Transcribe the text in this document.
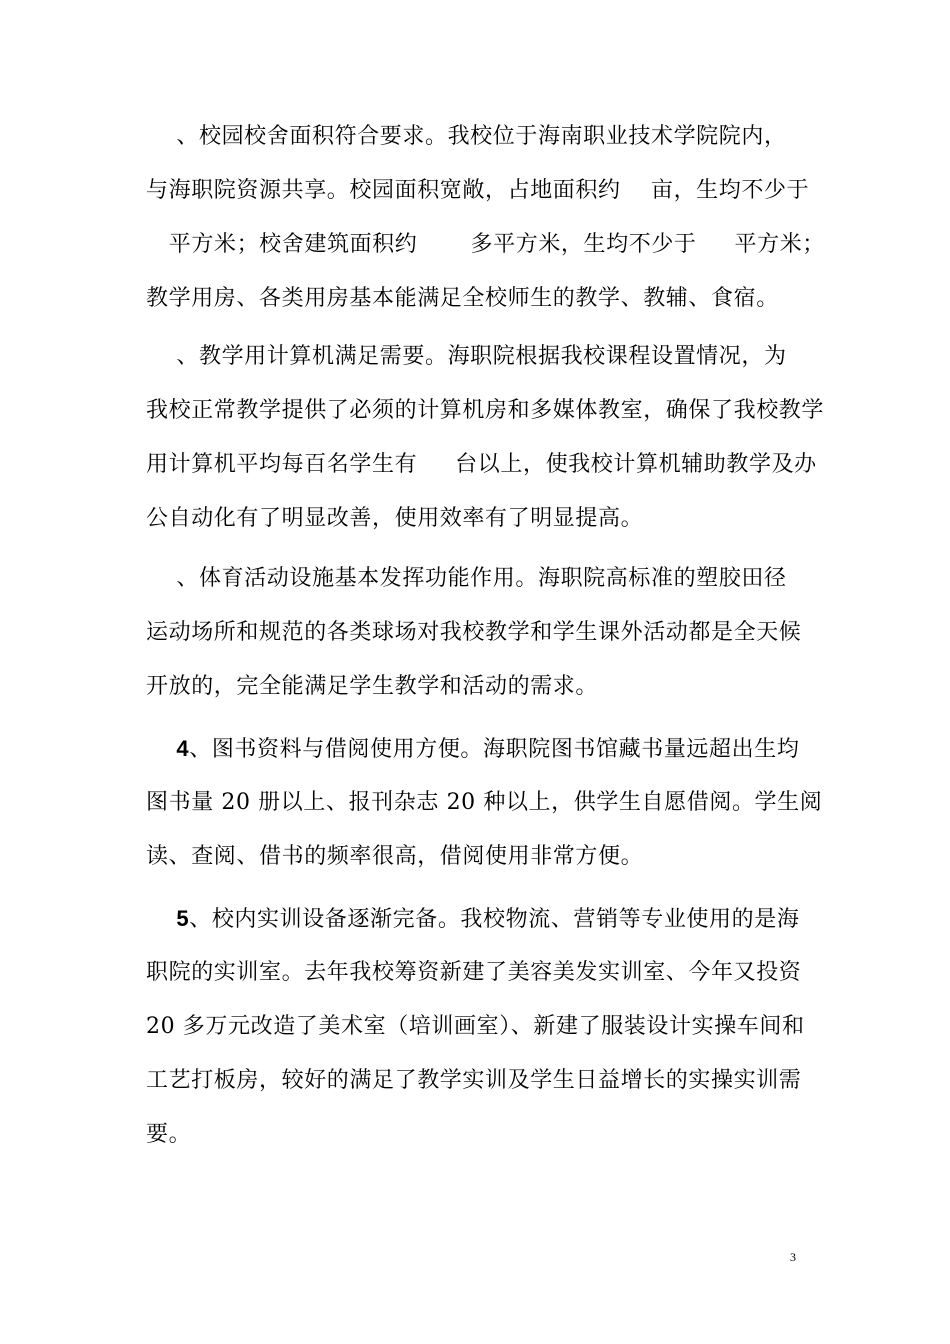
、校园校舍面积符合要求。我校位于海南职业技术学院院内，
与海职院资源共享。校园面积宽敞，占地面积约    亩，生均不少于
平方米；校舍建筑面积约       多平方米，生均不少于     平方米；
教学用房、各类用房基本能满足全校师生的教学、教辅、食宿。
、教学用计算机满足需要。海职院根据我校课程设置情况，为
我校正常教学提供了必须的计算机房和多媒体教室，确保了我校教学
用计算机平均每百名学生有     台以上，使我校计算机辅助教学及办
公自动化有了明显改善，使用效率有了明显提高。
、体育活动设施基本发挥功能作用。海职院高标准的塑胶田径
运动场所和规范的各类球场对我校教学和学生课外活动都是全天候
开放的，完全能满足学生教学和活动的需求。
4、图书资料与借阅使用方便。海职院图书馆藏书量远超出生均
图书量 20 册以上、报刊杂志 20 种以上，供学生自愿借阅。学生阅
读、查阅、借书的频率很高，借阅使用非常方便。
5、校内实训设备逐渐完备。我校物流、营销等专业使用的是海
职院的实训室。去年我校筹资新建了美容美发实训室、今年又投资
20 多万元改造了美术室（培训画室）、新建了服装设计实操车间和
工艺打板房，较好的满足了教学实训及学生日益增长的实操实训需
要。
3
